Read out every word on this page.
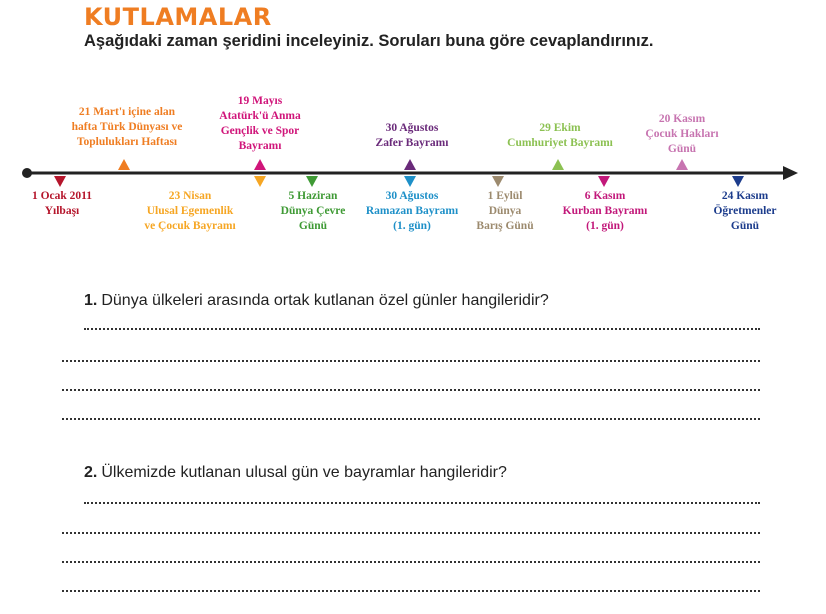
KUTLAMALAR
Aşağıdaki zaman şeridini inceleyiniz. Soruları buna göre cevaplandırınız.
1 Ocak 2011
Yılbaşı
21 Mart'ı içine alan
hafta Türk Dünyası ve
Toplulukları Haftası
23 Nisan
Ulusal Egemenlik
ve Çocuk Bayramı
19 Mayıs
Atatürk'ü Anma
Gençlik ve Spor
Bayramı
5 Haziran
Dünya Çevre
Günü
30 Ağustos
Zafer Bayramı
30 Ağustos
Ramazan Bayramı
(1. gün)
1 Eylül
Dünya
Barış Günü
29 Ekim
Cumhuriyet Bayramı
6 Kasım
Kurban Bayramı
(1. gün)
20 Kasım
Çocuk Hakları
Günü
24 Kasım
Öğretmenler
Günü
1. Dünya ülkeleri arasında ortak kutlanan özel günler hangileridir?
2. Ülkemizde kutlanan ulusal gün ve bayramlar hangileridir?
